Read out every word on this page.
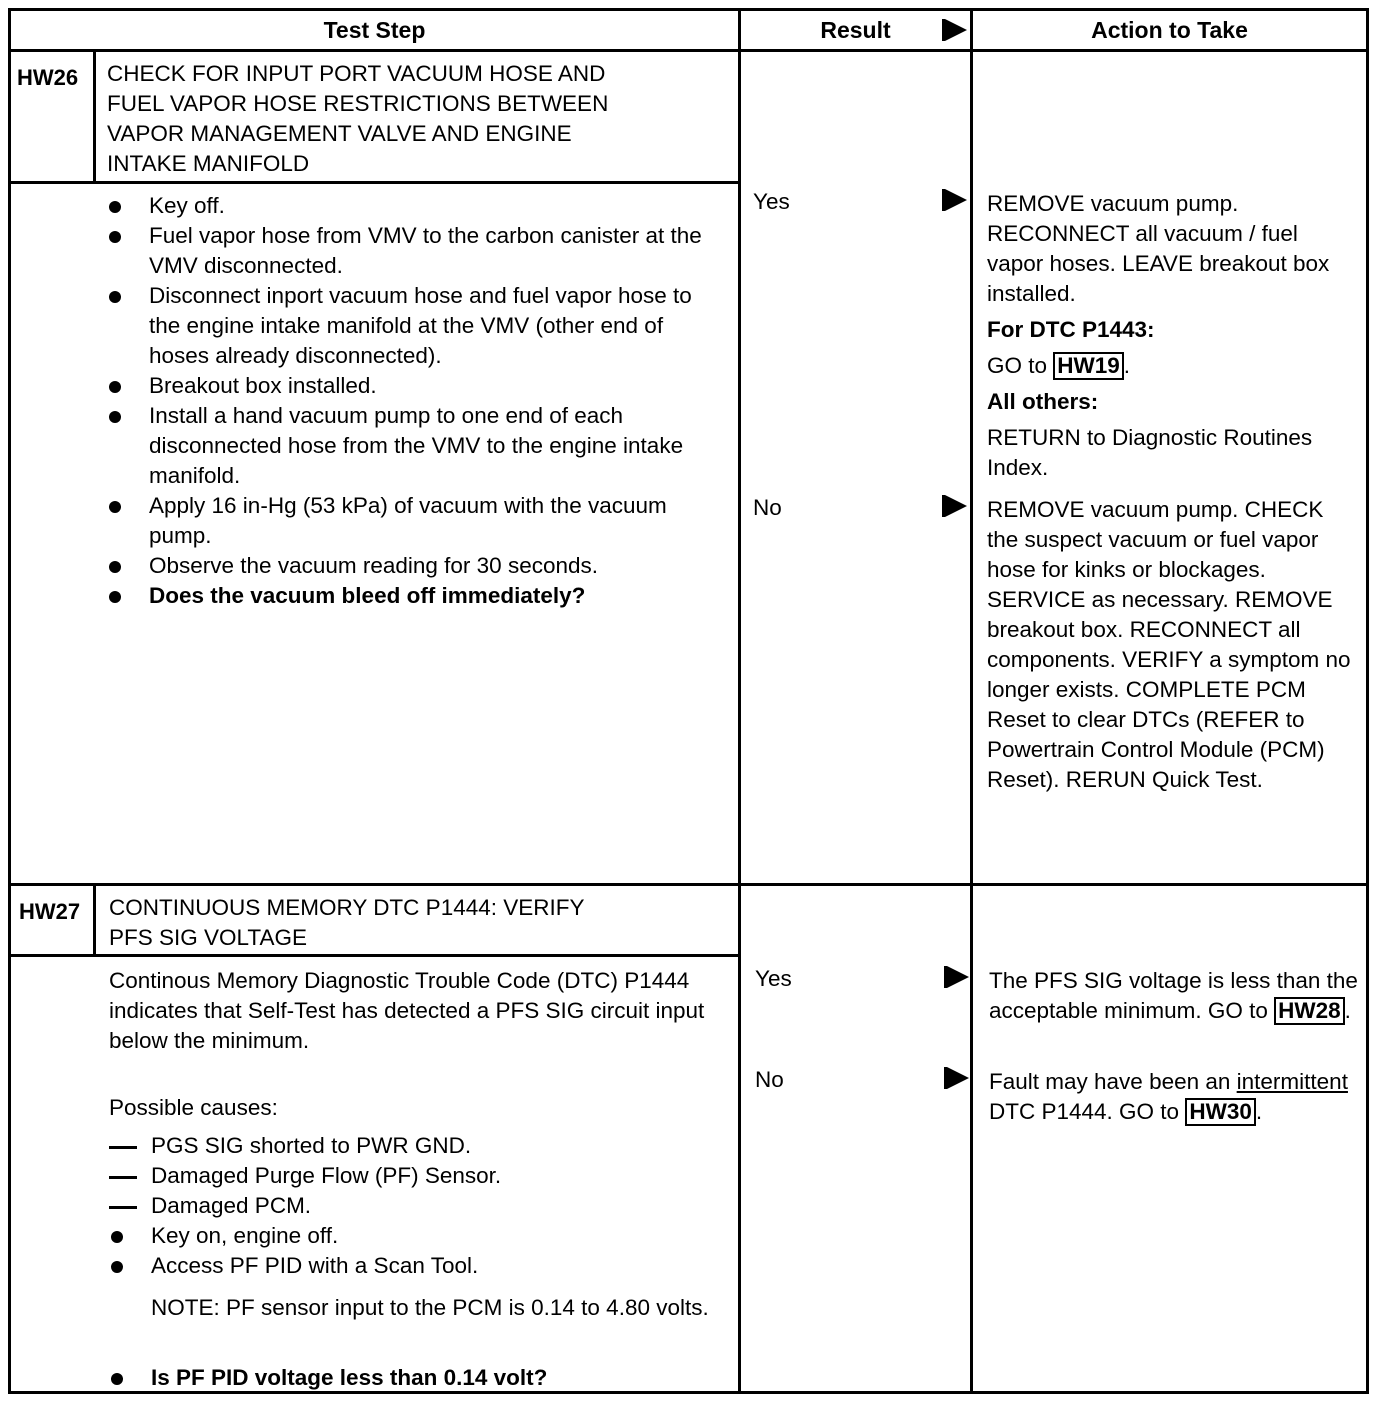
Test Step	Result	Action to Take
HW26 CHECK FOR INPUT PORT VACUUM HOSE AND
FUEL VAPOR HOSE RESTRICTIONS BETWEEN
VAPOR MANAGEMENT VALVE AND ENGINE
INTAKE MANIFOLD
Key off.
Fuel vapor hose from VMV to the carbon canister at the VMV disconnected.
Disconnect inport vacuum hose and fuel vapor hose to the engine intake manifold at the VMV (other end of hoses already disconnected).
Breakout box installed.
Install a hand vacuum pump to one end of each disconnected hose from the VMV to the engine intake manifold.
Apply 16 in-Hg (53 kPa) of vacuum with the vacuum pump.
Observe the vacuum reading for 30 seconds.
Does the vacuum bleed off immediately?
Yes	REMOVE vacuum pump. RECONNECT all vacuum / fuel vapor hoses. LEAVE breakout box installed.

For DTC P1443:

GO to HW19 .

All others:

RETURN to Diagnostic Routines Index.

No	REMOVE vacuum pump. CHECK the suspect vacuum or fuel vapor hose for kinks or blockages. SERVICE as necessary. REMOVE breakout box. RECONNECT all components. VERIFY a symptom no longer exists. COMPLETE PCM Reset to clear DTCs (REFER to Powertrain Control Module (PCM) Reset). RERUN Quick Test.

HW27 CONTINUOUS MEMORY DTC P1444: VERIFY
PFS SIG VOLTAGE

Continous Memory Diagnostic Trouble Code (DTC) P1444 indicates that Self-Test has detected a PFS SIG circuit input below the minimum.

Possible causes:

PGS SIG shorted to PWR GND.
Damaged Purge Flow (PF) Sensor.
Damaged PCM.
Key on, engine off.
Access PF PID with a Scan Tool.

NOTE: PF sensor input to the PCM is 0.14 to 4.80 volts.

Is PF PID voltage less than 0.14 volt?
Yes	The PFS SIG voltage is less than the acceptable minimum. GO to HW28 .

No	Fault may have been an intermittent DTC P1444. GO to HW30 .
